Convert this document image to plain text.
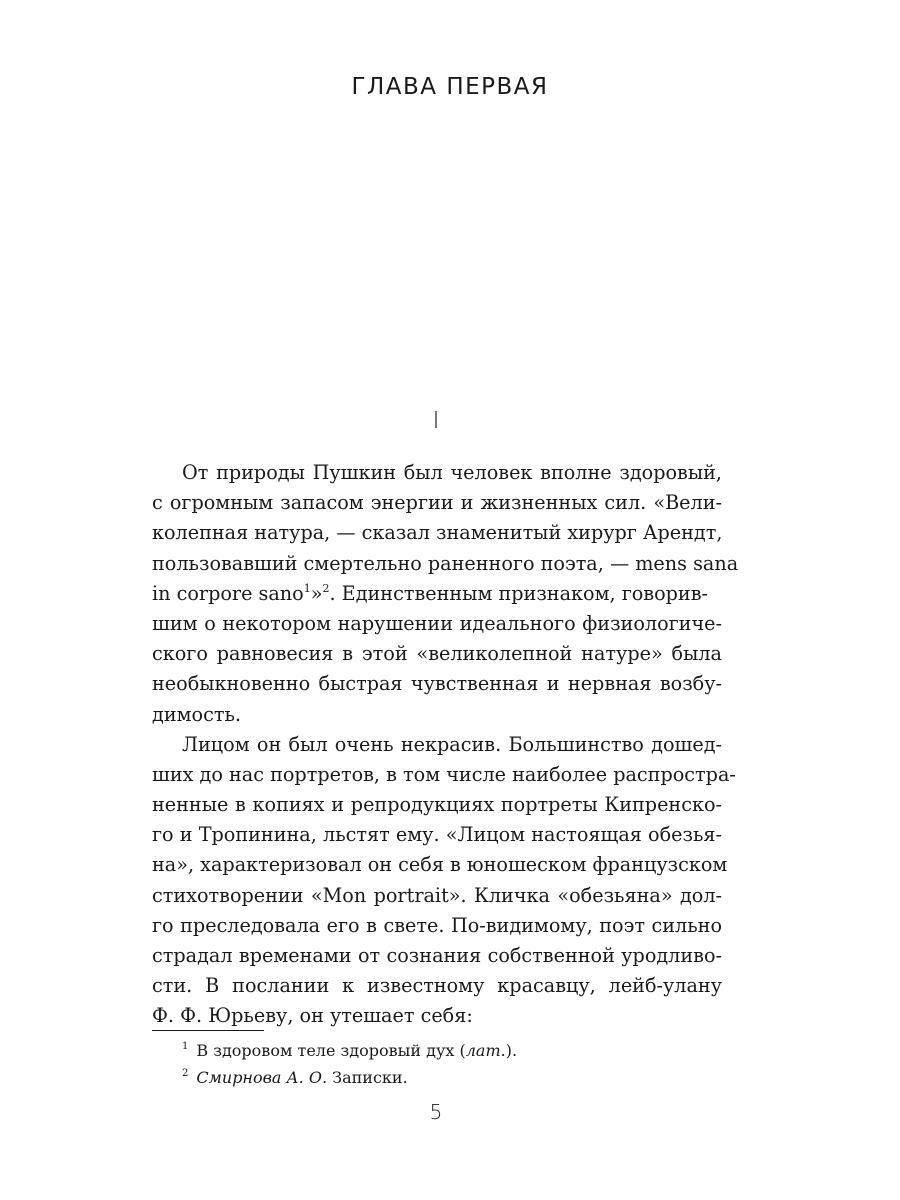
ГЛАВА ПЕРВАЯ
I
От природы Пушкин был человек вполне здоровый,
с огромным запасом энергии и жизненных сил. «Вели-
колепная натура, — сказал знаменитый хирург Арендт,
пользовавший смертельно раненного поэта, — mens sana
in corpore sano$^1$»$^2$. Единственным признаком, говорив-
шим о некотором нарушении идеального физиологиче-
ского равновесия в этой «великолепной натуре» была
необыкновенно быстрая чувственная и нервная возбу-
димость.
Лицом он был очень некрасив. Большинство дошед-
ших до нас портретов, в том числе наиболее распростра-
ненные в копиях и репродукциях портреты Кипренско-
го и Тропинина, льстят ему. «Лицом настоящая обезья-
на», характеризовал он себя в юношеском французском
стихотворении «Mon portrait». Кличка «обезьяна» дол-
го преследовала его в свете. По-видимому, поэт сильно
страдал временами от сознания собственной уродливо-
сти. В послании к известному красавцу, лейб-улану
Ф. Ф. Юрьеву, он утешает себя:
$^1$ В здоровом теле здоровый дух (лат.).
$^2$ Смирнова А. О. Записки.
5
